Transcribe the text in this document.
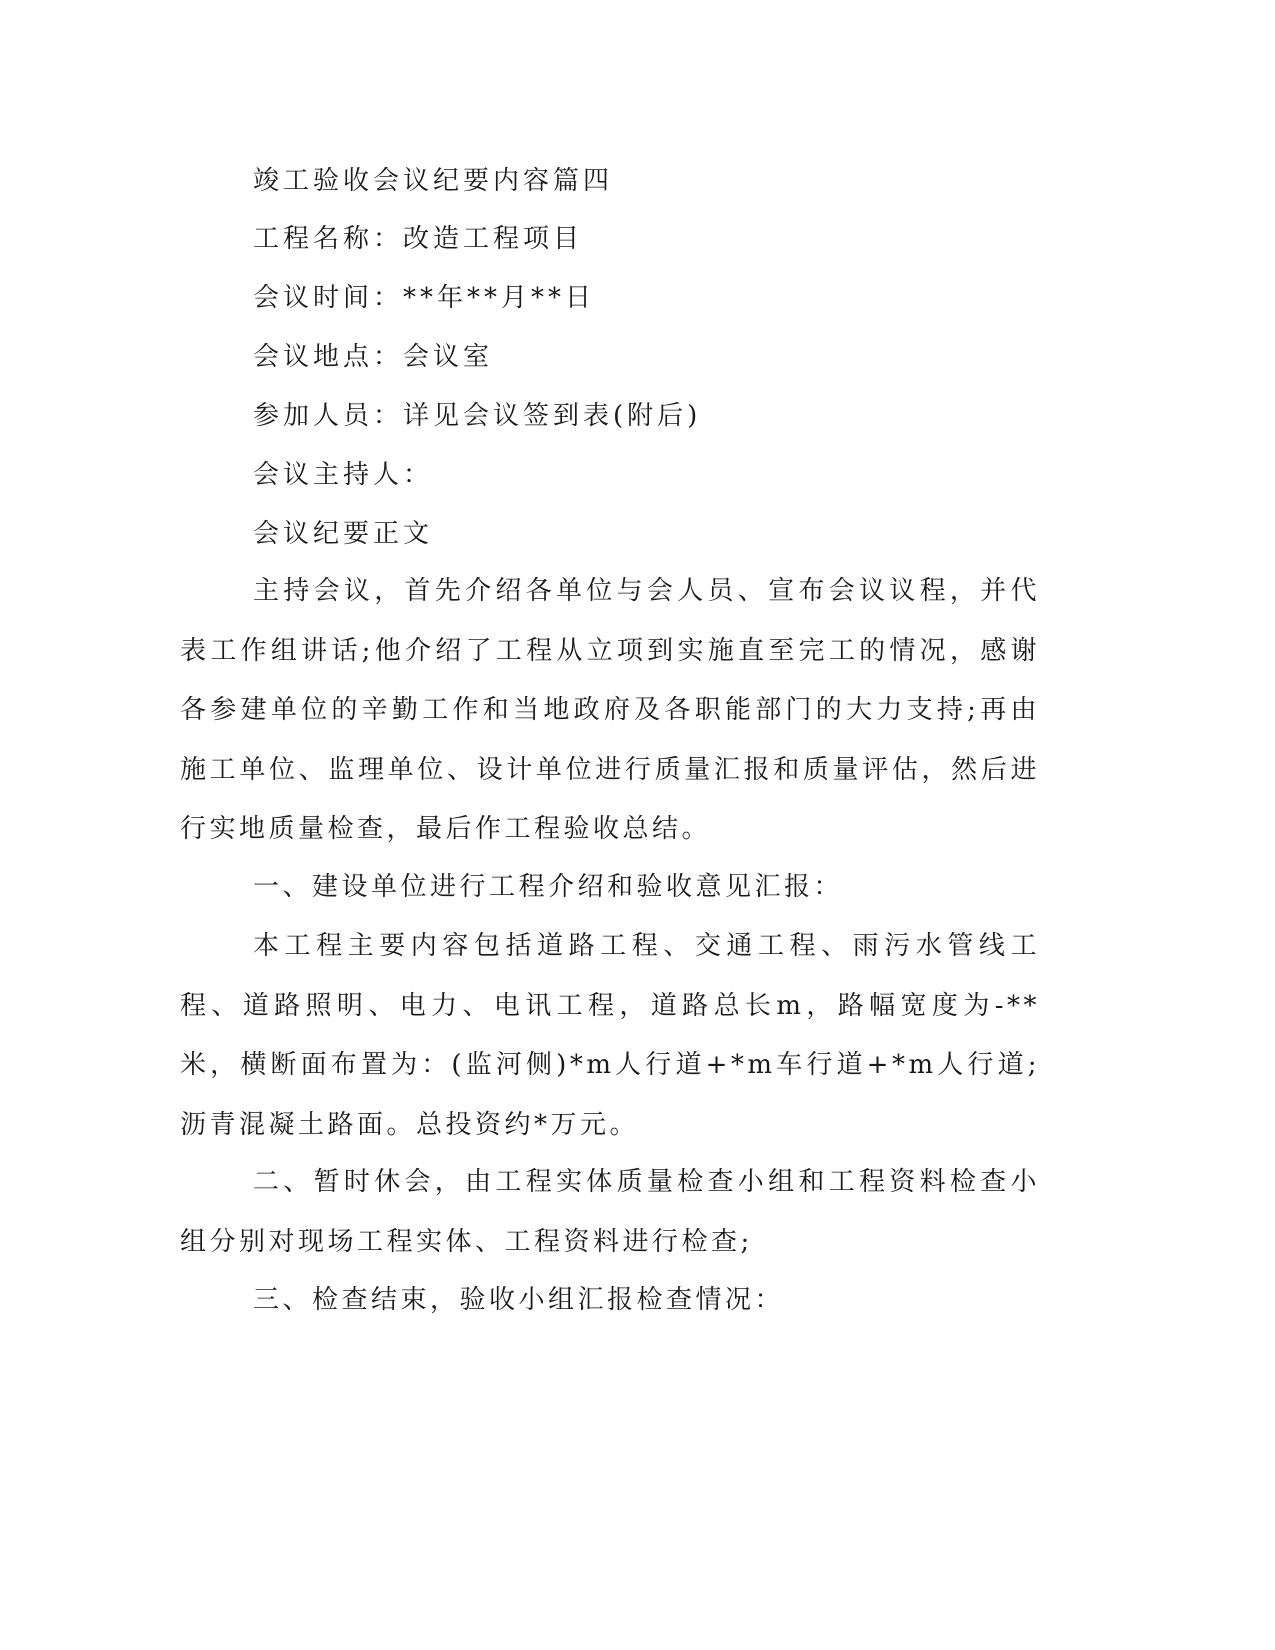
竣工验收会议纪要内容篇四
工程名称：改造工程项目
会议时间：**年**月**日
会议地点：会议室
参加人员：详见会议签到表(附后)
会议主持人：
会议纪要正文

主持会议，首先介绍各单位与会人员、宣布会议议程，并代表工作组讲话;他介绍了工程从立项到实施直至完工的情况，感谢各参建单位的辛勤工作和当地政府及各职能部门的大力支持;再由施工单位、监理单位、设计单位进行质量汇报和质量评估，然后进行实地质量检查，最后作工程验收总结。

一、建设单位进行工程介绍和验收意见汇报：

本工程主要内容包括道路工程、交通工程、雨污水管线工程、道路照明、电力、电讯工程，道路总长m，路幅宽度为-**米，横断面布置为：(监河侧)*m人行道+*m车行道+*m人行道;沥青混凝土路面。总投资约*万元。

二、暂时休会，由工程实体质量检查小组和工程资料检查小组分别对现场工程实体、工程资料进行检查;

三、检查结束，验收小组汇报检查情况：
